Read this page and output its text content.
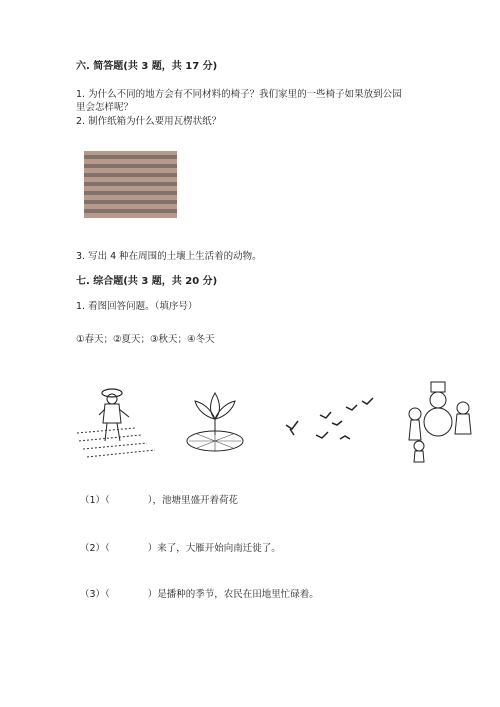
六. 简答题(共 3 题，共 17 分)
1. 为什么不同的地方会有不同材料的椅子？我们家里的一些椅子如果放到公园
里会怎样呢？
2. 制作纸箱为什么要用瓦楞状纸？
3. 写出 4 种在周围的土壤上生活着的动物。
七. 综合题(共 3 题，共 20 分)
1. 看图回答问题。（填序号）
①春天；②夏天；③秋天；④冬天
（1）（　　　　），池塘里盛开着荷花
（2）（　　　　）来了，大雁开始向南迁徙了。
（3）（　　　　）是播种的季节，农民在田地里忙碌着。
